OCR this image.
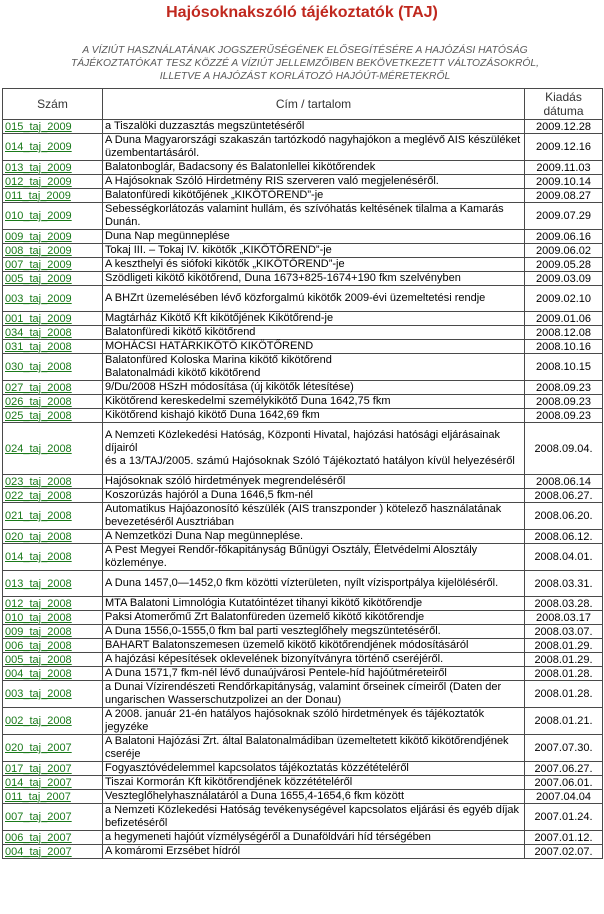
Hajósoknakszóló tájékoztatók (TAJ)
A VÍZIÚT HASZNÁLATÁNAK JOGSZERŰSÉGÉNEK ELŐSEGÍTÉSÉRE A HAJÓZÁSI HATÓSÁG TÁJÉKOZTATÓKAT TESZ KÖZZÉ A VÍZIÚT JELLEMZŐIBEN BEKÖVETKEZETT VÁLTOZÁSOKRÓL, ILLETVE A HAJÓZÁST KORLÁTOZÓ HAJÓÚT-MÉRETEKRŐL
Szám	Cím / tartalom	Kiadás dátuma
015_taj_2009	a Tiszalöki duzzasztás megszüntetéséről	2009.12.28
014_taj_2009	A Duna Magyarországi szakaszán tartózkodó nagyhajókon a meglévő AIS készüléket üzembentartásáról.	2009.12.16
013_taj_2009	Balatonboglár, Badacsony és Balatonlellei kikötőrendek	2009.11.03
012_taj_2009	A Hajósoknak Szóló Hirdetmény RIS szerveren való megjelenéséről.	2009.10.14
011_taj_2009	Balatonfüredi kikötőjének „KIKÖTŐREND”-je	2009.08.27
010_taj_2009	Sebességkorlátozás valamint hullám, és szívóhatás keltésének tilalma a Kamarás Dunán.	2009.07.29
009_taj_2009	Duna Nap megünneplése	2009.06.16
008_taj_2009	Tokaj III. – Tokaj IV. kikötők „KIKÖTŐREND”-je	2009.06.02
007_taj_2009	A keszthelyi és siófoki kikötők „KIKÖTŐREND”-je	2009.05.28
005_taj_2009	Szödligeti kikötő kikötőrend, Duna 1673+825-1674+190 fkm szelvényben	2009.03.09
003_taj_2009	A BHZrt üzemelésében lévő közforgalmú kikötők 2009-évi üzemeltetési rendje	2009.02.10
001_taj_2009	Magtárház Kikötő Kft kikötőjének Kikötőrend-je	2009.01.06
034_taj_2008	Balatonfüredi kikötő kikötőrend	2008.12.08
031_taj_2008	MOHÁCSI HATÁRKIKÖTŐ KIKÖTŐREND	2008.10.16
030_taj_2008	Balatonfüred Koloska Marina kikötő kikötőrend
Balatonalmádi kikötő kikötőrend	2008.10.15
027_taj_2008	9/Du/2008 HSzH módosítása (új kikötők létesítése)	2008.09.23
026_taj_2008	Kikötőrend kereskedelmi személykikötő Duna 1642,75 fkm	2008.09.23
025_taj_2008	Kikötőrend kishajó kikötő Duna 1642,69 fkm	2008.09.23
024_taj_2008	A Nemzeti Közlekedési Hatóság, Központi Hivatal, hajózási hatósági eljárásainak díjairól
és a 13/TAJ/2005. számú Hajósoknak Szóló Tájékoztató hatályon kívül helyezéséről	2008.09.04.
023_taj_2008	Hajósoknak szóló hirdetmények megrendeléséről	2008.06.14
022_taj_2008	Koszorúzás hajóról a Duna 1646,5 fkm-nél	2008.06.27.
021_taj_2008	Automatikus Hajóazonosító készülék (AIS transzponder ) kötelező használatának bevezetéséről Ausztriában	2008.06.20.
020_taj_2008	A Nemzetközi Duna Nap megünneplése.	2008.06.12.
014_taj_2008	A Pest Megyei Rendőr-főkapitányság Bűnügyi Osztály, Életvédelmi Alosztály közleménye.	2008.04.01.
013_taj_2008	A Duna 1457,0—1452,0 fkm közötti vízterületen, nyílt vízisportpálya kijelöléséről.	2008.03.31.
012_taj_2008	MTA Balatoni Limnológia Kutatóintézet tihanyi kikötő kikötőrendje	2008.03.28.
010_taj_2008	Paksi Atomerőmű Zrt Balatonfüreden üzemelő kikötő kikötőrendje	2008.03.17
009_taj_2008	A Duna 1556,0-1555,0 fkm bal parti veszteglőhely megszüntetéséről.	2008.03.07.
006_taj_2008	BAHART Balatonszemesen üzemelő kikötő kikötőrendjének módosításáról	2008.01.29.
005_taj_2008	A hajózási képesítések oklevelének bizonyítványra történő cseréjéről.	2008.01.29.
004_taj_2008	A Duna 1571,7 fkm-nél lévő dunaújvárosi Pentele-híd hajóútméreteiről	2008.01.28.
003_taj_2008	a Dunai Vízirendészeti Rendőrkapitányság, valamint őrseinek címeiről (Daten der ungarischen Wasserschutzpolizei an der Donau)	2008.01.28.
002_taj_2008	A 2008. január 21-én hatályos hajósoknak szóló hirdetmények és tájékoztatók jegyzéke	2008.01.21.
020_taj_2007	A Balatoni Hajózási Zrt. által Balatonalmádiban üzemeltetett kikötő kikötőrendjének cseréje	2007.07.30.
017_taj_2007	Fogyasztóvédelemmel kapcsolatos tájékoztatás közzétételéről	2007.06.27.
014_taj_2007	Tiszai Kormorán Kft kikötőrendjének közzétételéről	2007.06.01.
011_taj_2007	Veszteglőhelyhasználatáról a Duna 1655,4-1654,6 fkm között	2007.04.04
007_taj_2007	a Nemzeti Közlekedési Hatóság tevékenységével kapcsolatos eljárási és egyéb díjak befizetéséről	2007.01.24.
006_taj_2007	a hegymeneti hajóút vízmélységéről a Dunaföldvári híd térségében	2007.01.12.
004_taj_2007	A komáromi Erzsébet hídról	2007.02.07.
